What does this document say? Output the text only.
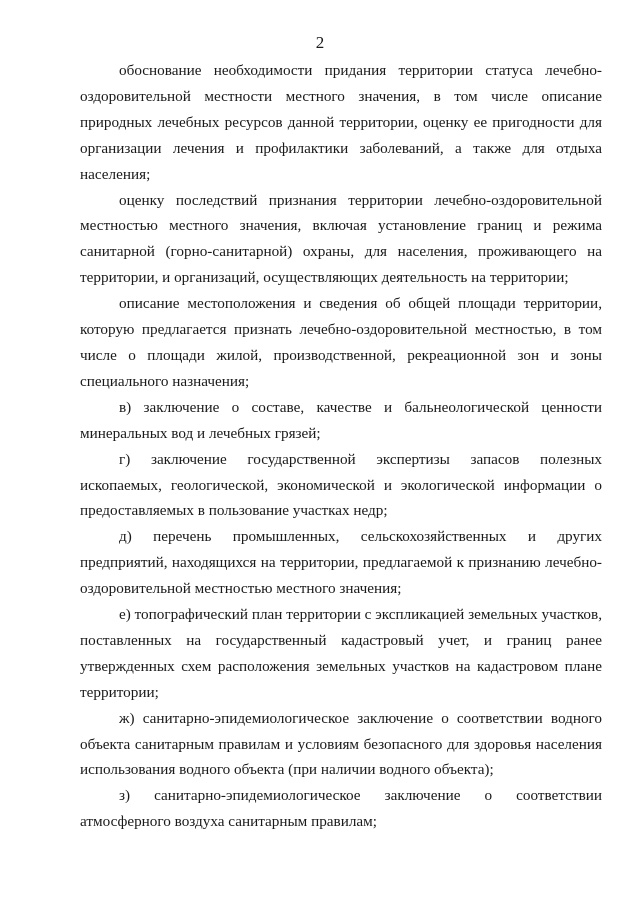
2

обоснование необходимости придания территории статуса лечебно-оздоровительной местности местного значения, в том числе описание природных лечебных ресурсов данной территории, оценку ее пригодности для организации лечения и профилактики заболеваний, а также для отдыха населения;

оценку последствий признания территории лечебно-оздоровительной местностью местного значения, включая установление границ и режима санитарной (горно-санитарной) охраны, для населения, проживающего на территории, и организаций, осуществляющих деятельность на территории;

описание местоположения и сведения об общей площади территории, которую предлагается признать лечебно-оздоровительной местностью, в том числе о площади жилой, производственной, рекреационной зон и зоны специального назначения;

в) заключение о составе, качестве и бальнеологической ценности минеральных вод и лечебных грязей;

г) заключение государственной экспертизы запасов полезных ископаемых, геологической, экономической и экологической информации о предоставляемых в пользование участках недр;

д) перечень промышленных, сельскохозяйственных и других предприятий, находящихся на территории, предлагаемой к признанию лечебно-оздоровительной местностью местного значения;

е) топографический план территории с экспликацией земельных участков, поставленных на государственный кадастровый учет, и границ ранее утвержденных схем расположения земельных участков на кадастровом плане территории;

ж) санитарно-эпидемиологическое заключение о соответствии водного объекта санитарным правилам и условиям безопасного для здоровья населения использования водного объекта (при наличии водного объекта);

з) санитарно-эпидемиологическое заключение о соответствии атмосферного воздуха санитарным правилам;
